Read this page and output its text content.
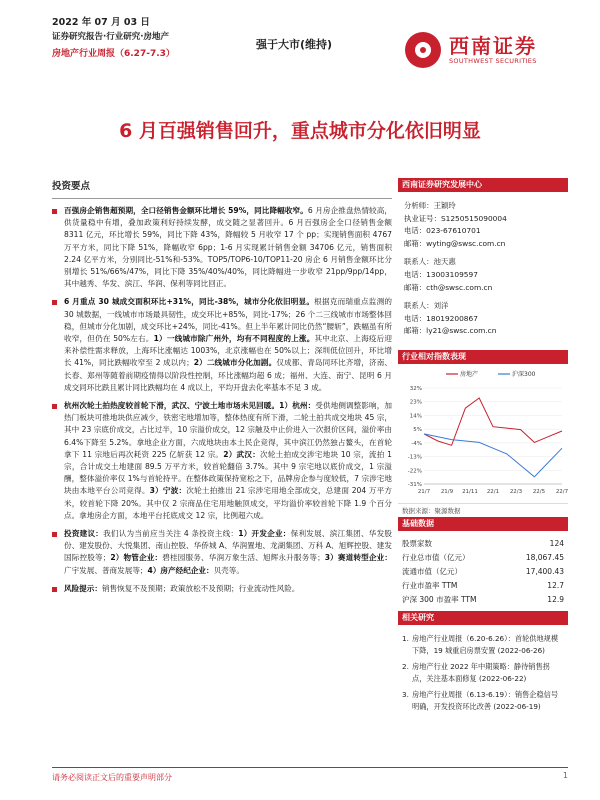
2022 年 07 月 03 日
证券研究报告·行业研究·房地产
房地产行业周报（6.27-7.3）
强于大市(维持)	西南证券
SOUTHWEST SECURITIES
6 月百强销售回升，重点城市分化依旧明显
投资要点
百强房企销售超预期，全口径销售金额环比增长 59%，同比降幅收窄。6 月房企推盘热情较高，供货量稳中有增，叠加政策利好持续发酵，成交随之显著回升。6 月百强房企全口径销售金额 8311 亿元，环比增长 59%，同比下降 43%，降幅较 5 月收窄 17 个 pp；实现销售面积 4767 万平方米，同比下降 51%，降幅收窄 6pp；1-6 月实现累计销售金额 34706 亿元，销售面积 2.24 亿平方米，分别同比-51%和-53%。TOP5/TOP6-10/TOP11-20 房企 6 月销售金额环比分别增长 51%/66%/47%，同比下降 35%/40%/40%，同比降幅进一步收窄 21pp/9pp/14pp，其中越秀、华发、滨江、华润、保利等同比回正。
6 月重点 30 城成交面积环比+31%，同比-38%，城市分化依旧明显。根据克而瑞重点监测的 30 城数据，一线城市市场最具韧性，成交环比+85%，同比-17%；26 个二三线城市市场整体回稳，但城市分化加剧，成交环比+24%，同比-41%。但上半年累计同比仍然“腰斩”，跌幅虽有所收窄，但仍在 50%左右。1）一线城市除广州外，均有不同程度的上涨。其中北京、上海疫后迎来补偿性需求释放，上海环比涨幅达 1003%，北京涨幅也在 50%以上；深圳低位回升，环比增长 41%，同比跌幅收窄至 2 成以内；2）二线城市分化加剧。仅成都、青岛同环比齐增，济南、长春、郑州等随着前期疫情得以阶段性控制，环比涨幅均超 6 成；福州、大连、南宁、昆明 6 月成交同环比跌且累计同比跌幅均在 4 成以上，平均开盘去化率基本不足 3 成。
杭州次轮土拍热度较首轮下滑，武汉、宁波土地市场未见回暖。1）杭州：受供地侧调整影响，加热门板块可推地块供应减少，铁密宅地增加等，整体热度有所下滑，二轮土拍共成交地块 45 宗，其中 23 宗底价成交，占比过半，10 宗溢价成交，12 宗触及中止价进入一次报价区间，溢价率由 6.4%下降至 5.2%。拿地企业方面，六成地块由本土民企竞得，其中滨江仍然独占鳌头，在首轮拿下 11 宗地后再次耗资 225 亿斩获 12 宗。2）武汉：次轮土拍成交涉宅地块 10 宗，流拍 1 宗，合计成交土地建面 89.5 万平方米，较首轮翻倍 3.7%。其中 9 宗宅地以底价成交，1 宗溢酬，整体溢价率仅 1%与首轮持平。在整体政策保持宽松之下，品牌房企参与度较低，7 宗涉宅地块由本地平台公司竞得。3）宁波：次轮土拍推出 21 宗涉宅用地全部成交，总建面 204 万平方米，较首轮下降 20%。其中仅 2 宗商品住宅用地触顶成交，平均溢价率较首轮下降 1.9 个百分点。拿地房企方面，本地平台托底成交 12 宗，比例超六成。
投资建议：我们认为当前应当关注 4 条投资主线：1）开发企业：保利发展、滨江集团、华发股份、建发股份、大悦集团、南山控股、华侨城 A、华润置地、龙湖集团、万科 A、旭辉控股、建发国际控股等；2）物管企业：碧桂园服务、华润万象生活、旭辉永升服务等；3）赛道转型企业：广宇发展、普商发展等；4）房产经纪企业：贝壳等。
风险提示：销售恢复不及预期；政策放松不及预期；行业流动性风险。
西南证券研究发展中心
分析师：王颖玲
执业证号：S1250515090004
电话：023-67610701
邮箱：wyting@swsc.com.cn
联系人：池天惠
电话：13003109597
邮箱：cth@swsc.com.cn
联系人：刘洋
电话：18019200867
邮箱：ly21@swsc.com.cn
行业相对指数表现
32%
23%
14%
5%
-4%
-13%
-22%
-31%
21/7 21/9 21/11 22/1 22/3 22/5 22/7
房地产	沪深300
数据来源：聚源数据
基础数据
股票家数	124
行业总市值（亿元）	18,067.45
流通市值（亿元）	17,400.43
行业市盈率 TTM	12.7
沪深 300 市盈率 TTM	12.9
相关研究
1. 房地产行业周报（6.20-6.26）：首轮供地规模下降，19 城重启房票安置 (2022-06-26)
2. 房地产行业 2022 年中期策略：静待销售拐点，关注基本面修复 (2022-06-22)
3. 房地产行业周报（6.13-6.19）：销售企稳信号明确，开发投资环比改善 (2022-06-19)
请务必阅读正文后的重要声明部分	1
